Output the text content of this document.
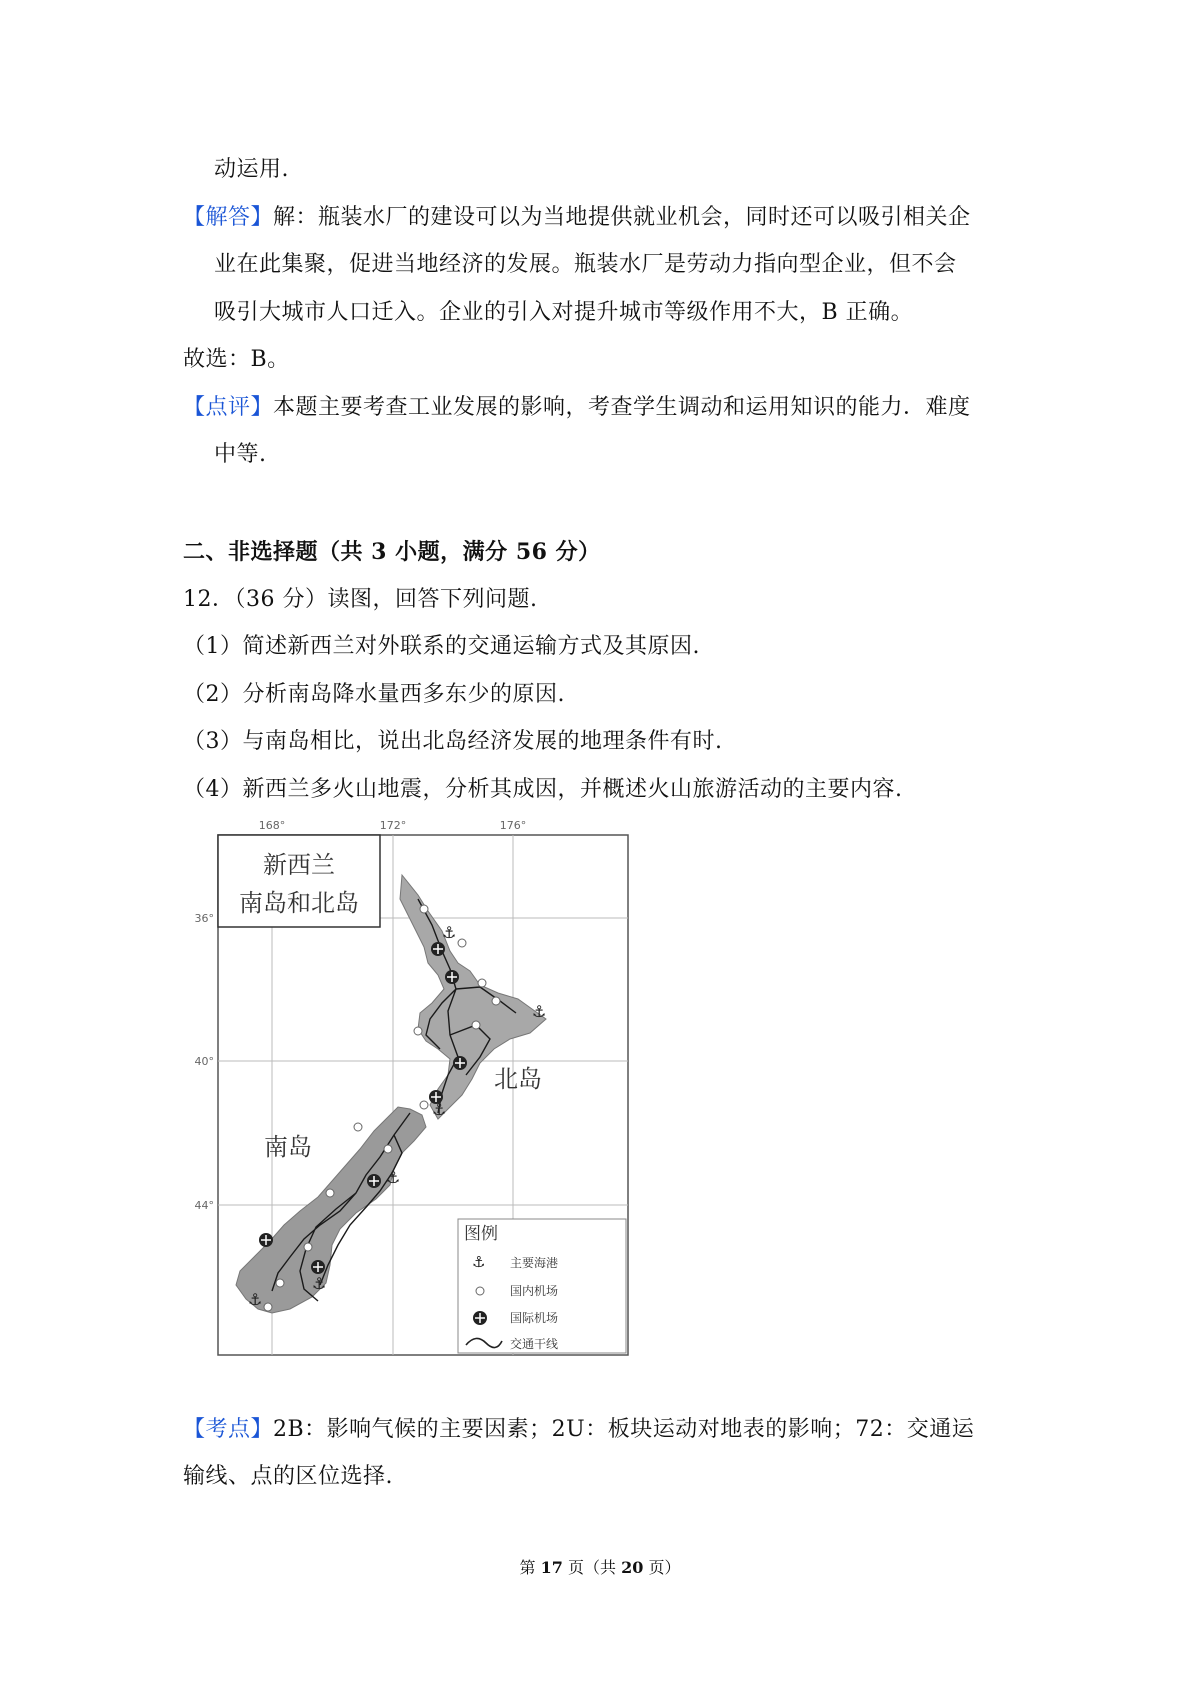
动运用.
【解答】解：瓶装水厂的建设可以为当地提供就业机会，同时还可以吸引相关企
业在此集聚，促进当地经济的发展。瓶装水厂是劳动力指向型企业，但不会
吸引大城市人口迁入。企业的引入对提升城市等级作用不大，B 正确。
故选：B。
【点评】本题主要考查工业发展的影响，考查学生调动和运用知识的能力．难度
中等.
二、非选择题（共 3 小题，满分 56 分）
12．（36 分）读图，回答下列问题.
（1）简述新西兰对外联系的交通运输方式及其原因.
（2）分析南岛降水量西多东少的原因.
（3）与南岛相比，说出北岛经济发展的地理条件有时.
（4）新西兰多火山地震，分析其成因，并概述火山旅游活动的主要内容.
168°	172°	176°
36°
40°
44°
新西兰
南岛和北岛
⚓
⚓
⚓
⚓
⚓
⚓
北岛
南岛
图例
⚓ 主要海港
国内机场
国际机场
交通干线
【考点】2B：影响气候的主要因素；2U：板块运动对地表的影响；72：交通运
输线、点的区位选择.
第 17 页（共 20 页）
